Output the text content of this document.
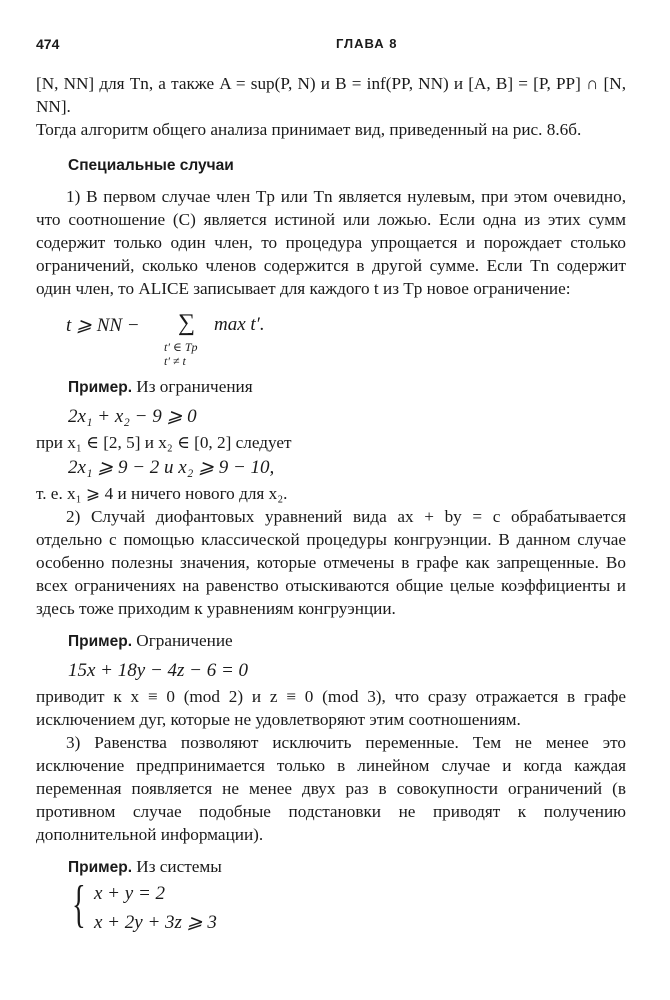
474	ГЛАВА 8

[N, NN] для Tn, а также A = sup(P, N) и B = inf(PP, NN) и [A, B] = [P, PP] ∩ [N, NN].

Тогда алгоритм общего анализа принимает вид, приведенный на рис. 8.6б.

Специальные случаи

1) В первом случае член Tp или Tn является нулевым, при этом очевидно, что соотношение (C) является истиной или ложью. Если одна из этих сумм содержит только один член, то процедура упрощается и порождает столько ограничений, сколько членов содержится в другой сумме. Если Tn содержит один член, то ALICE записывает для каждого t из Tp новое ограничение:

t ⩾ NN − ∑
t′ ∈ Tp
t′ ≠ t
max t′.
Пример. Из ограничения
2x₁ + x₂ − 9 ⩾ 0

при x₁ ∈ [2, 5] и x₂ ∈ [0, 2] следует

2x₁ ⩾ 9 − 2 и x₂ ⩾ 9 − 10,

т. е. x₁ ⩾ 4 и ничего нового для x₂.

2) Случай диофантовых уравнений вида ax + by = c обрабатывается отдельно с помощью классической процедуры конгруэнции. В данном случае особенно полезны значения, которые отмечены в графе как запрещенные. Во всех ограничениях на равенство отыскиваются общие целые коэффициенты и здесь тоже приходим к уравнениям конгруэнции.

Пример. Ограничение
15x + 18y − 4z − 6 = 0

приводит к x ≡ 0 (mod 2) и z ≡ 0 (mod 3), что сразу отражается в графе исключением дуг, которые не удовлетворяют этим соотношениям.

3) Равенства позволяют исключить переменные. Тем не менее это исключение предпринимается только в линейном случае и когда каждая переменная появляется не менее двух раз в совокупности ограничений (в противном случае подобные подстановки не приводят к получению дополнительной информации).

Пример. Из системы
{ x + y = 2
x + 2y + 3z ⩾ 3
